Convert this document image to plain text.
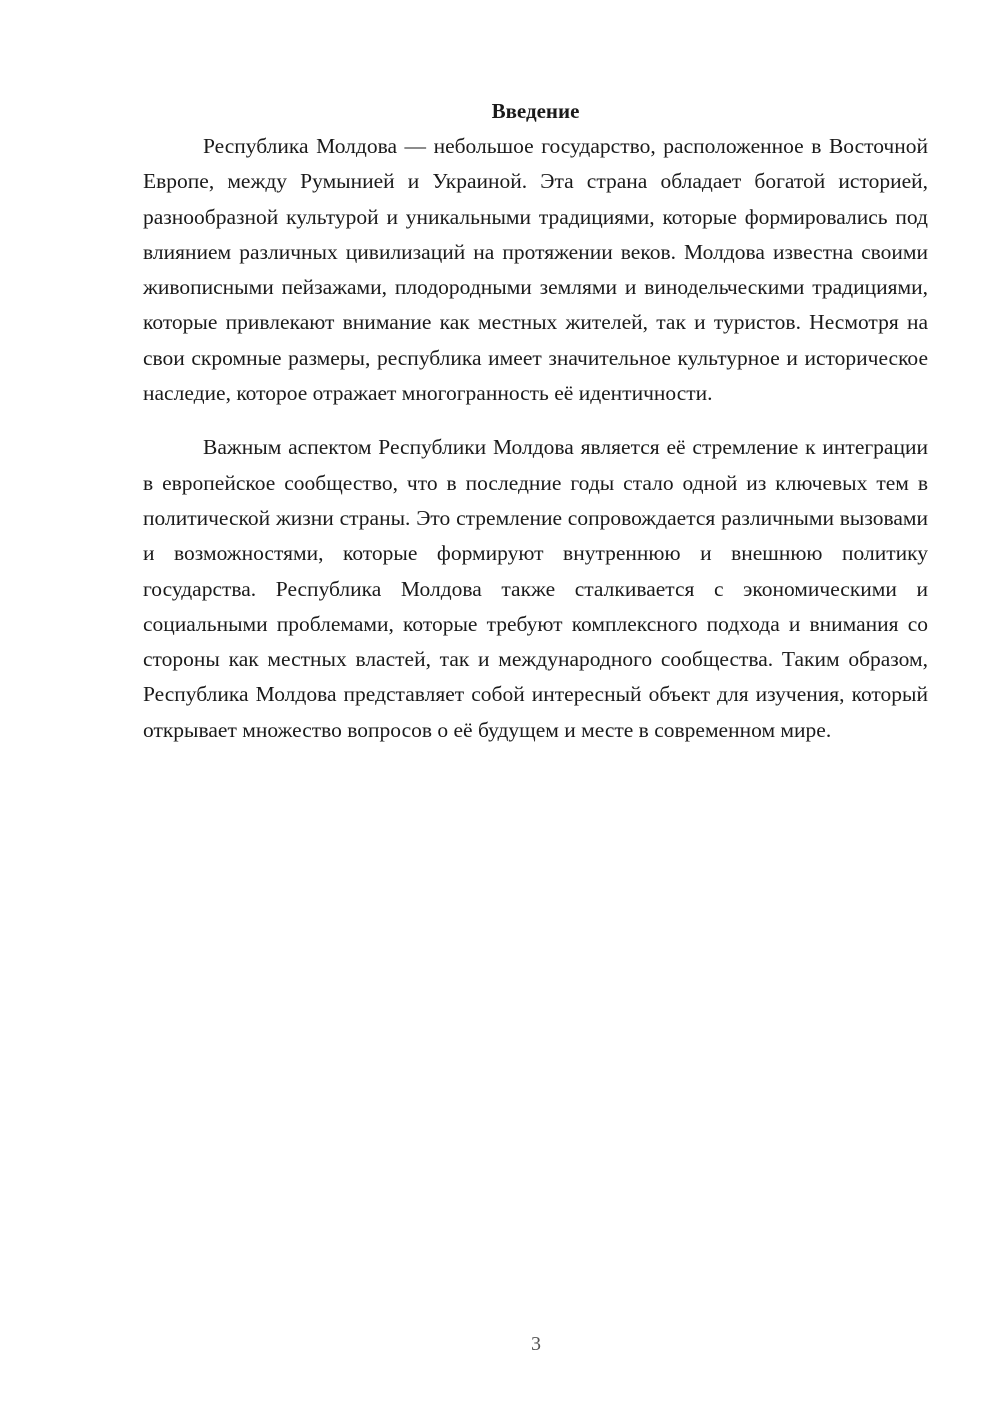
Введение

Республика Молдова — небольшое государство, расположенное в Восточной Европе, между Румынией и Украиной. Эта страна обладает богатой историей, разнообразной культурой и уникальными традициями, которые формировались под влиянием различных цивилизаций на протяжении веков. Молдова известна своими живописными пейзажами, плодородными землями и винодельческими традициями, которые привлекают внимание как местных жителей, так и туристов. Несмотря на свои скромные размеры, республика имеет значительное культурное и историческое наследие, которое отражает многогранность её идентичности.

Важным аспектом Республики Молдова является её стремление к интеграции в европейское сообщество, что в последние годы стало одной из ключевых тем в политической жизни страны. Это стремление сопровождается различными вызовами и возможностями, которые формируют внутреннюю и внешнюю политику государства. Республика Молдова также сталкивается с экономическими и социальными проблемами, которые требуют комплексного подхода и внимания со стороны как местных властей, так и международного сообщества. Таким образом, Республика Молдова представляет собой интересный объект для изучения, который открывает множество вопросов о её будущем и месте в современном мире.

3
